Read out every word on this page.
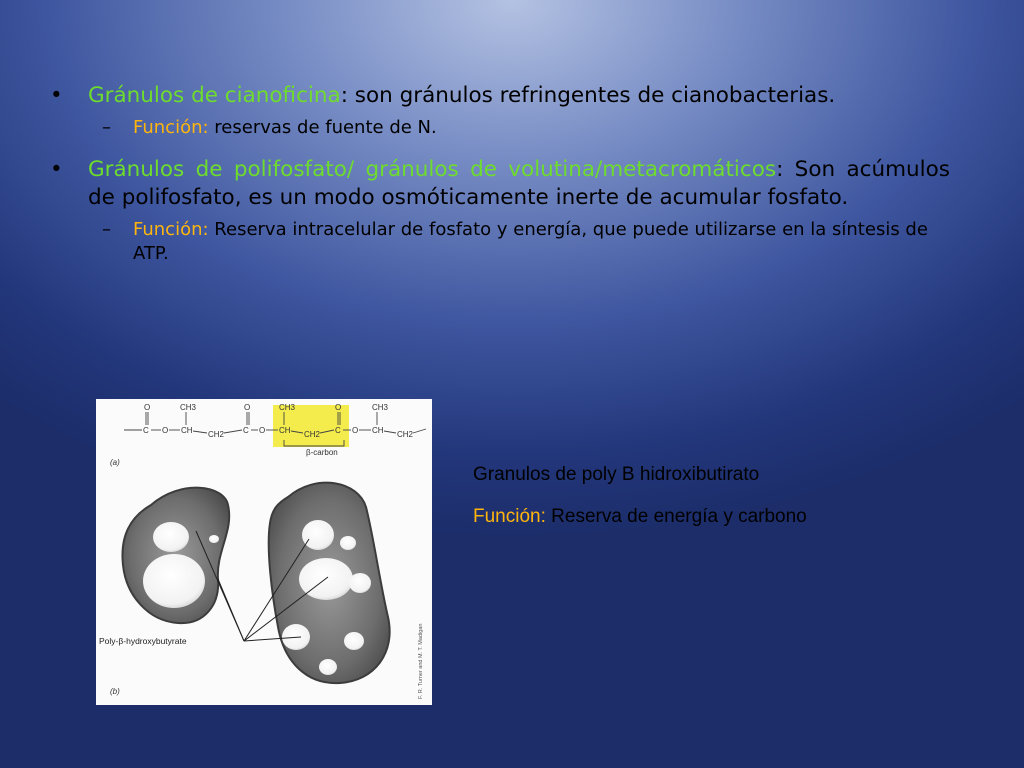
• Gránulos de cianoficina: son gránulos refringentes de cianobacterias.
– Función: reservas de fuente de N.
• Gránulos de polifosfato/ gránulos de volutina/metacromáticos: Son acúmulos de polifosfato, es un modo osmóticamente inerte de acumular fosfato.
– Función: Reserva intracelular de fosfato y energía, que puede utilizarse en la síntesis de ATP.
O	O	O
CH3	CH3	CH3
C O CH CH2 C O CH CH2 C O CH CH2
β-carbon
(a)
Poly-β-hydroxybutyrate
(b)	F. R. Turner and M. T. Madigan
Granulos de poly B hidroxibutirato
Función: Reserva de energía y carbono
